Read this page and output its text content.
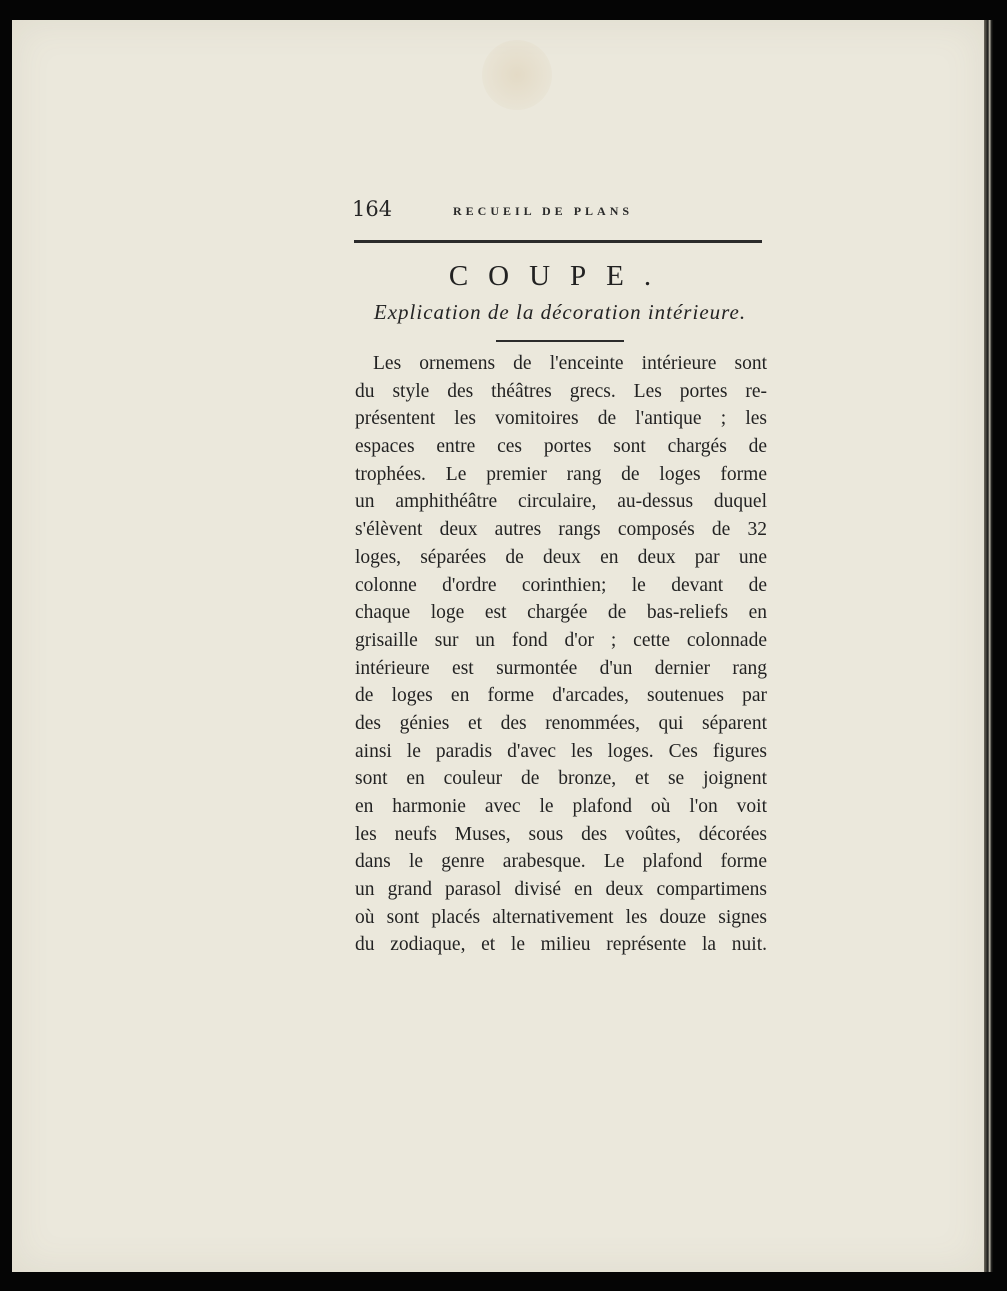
164	RECUEIL DE PLANS
COUPE.
Explication de la décoration intérieure.
Les ornemens de l'enceinte intérieure sont
du style des théâtres grecs. Les portes re-
présentent les vomitoires de l'antique ; les
espaces entre ces portes sont chargés de
trophées. Le premier rang de loges forme
un amphithéâtre circulaire, au-dessus duquel
s'élèvent deux autres rangs composés de 32
loges, séparées de deux en deux par une
colonne d'ordre corinthien; le devant de
chaque loge est chargée de bas-reliefs en
grisaille sur un fond d'or ; cette colonnade
intérieure est surmontée d'un dernier rang
de loges en forme d'arcades, soutenues par
des génies et des renommées, qui séparent
ainsi le paradis d'avec les loges. Ces figures
sont en couleur de bronze, et se joignent
en harmonie avec le plafond où l'on voit
les neufs Muses, sous des voûtes, décorées
dans le genre arabesque. Le plafond forme
un grand parasol divisé en deux compartimens
où sont placés alternativement les douze signes
du zodiaque, et le milieu représente la nuit.
